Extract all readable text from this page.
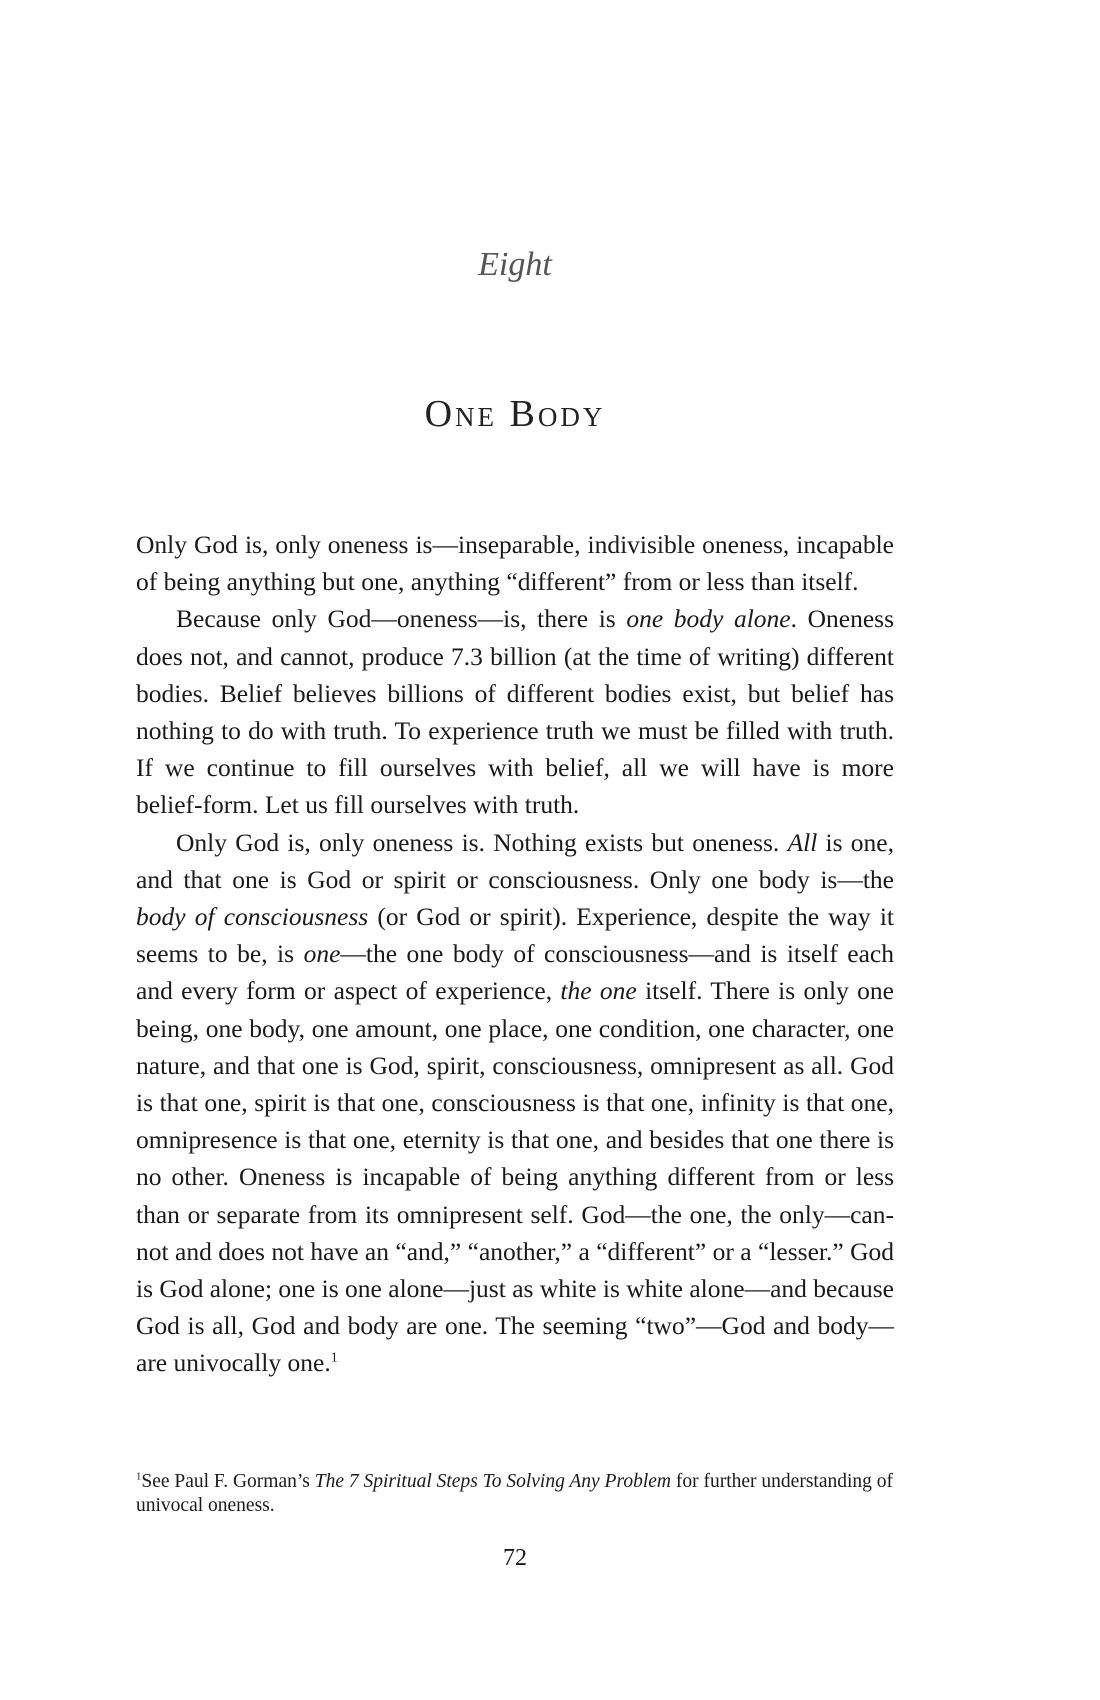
Eight
One Body

Only God is, only oneness is—inseparable, indivisible oneness, incapable of being anything but one, anything “different” from or less than itself.

Because only God—oneness—is, there is one body alone. Oneness does not, and cannot, produce 7.3 billion (at the time of writing) different bodies. Belief believes billions of different bodies exist, but belief has nothing to do with truth. To experience truth we must be filled with truth. If we continue to fill ourselves with belief, all we will have is more belief-form. Let us fill ourselves with truth.

Only God is, only oneness is. Nothing exists but oneness. All is one, and that one is God or spirit or consciousness. Only one body is—the body of consciousness (or God or spirit). Experience, despite the way it seems to be, is one—the one body of consciousness—and is itself each and every form or aspect of experience, the one itself. There is only one being, one body, one amount, one place, one condition, one character, one nature, and that one is God, spirit, consciousness, omnipresent as all. God is that one, spirit is that one, consciousness is that one, infinity is that one, omnipresence is that one, eternity is that one, and besides that one there is no other. Oneness is incapable of being anything different from or less than or separate from its omnipresent self. God—the one, the only—cannot and does not have an “and,” “another,” a “different” or a “lesser.” God is God alone; one is one alone—just as white is white alone—and because God is all, God and body are one. The seeming “two”—God and body—are univocally one.$^1$

$^1$See Paul F. Gorman’s The 7 Spiritual Steps To Solving Any Problem for further understanding of univocal oneness.
72
